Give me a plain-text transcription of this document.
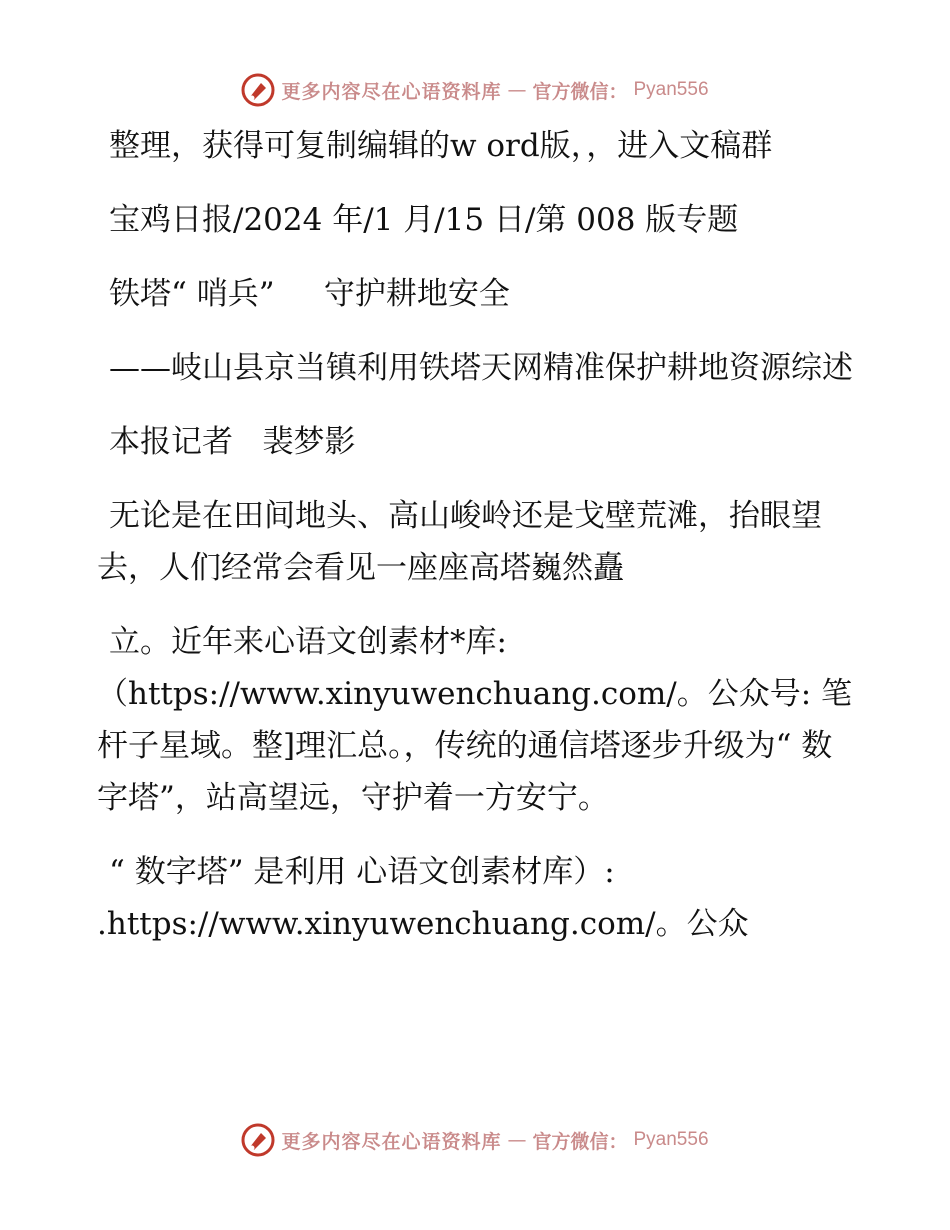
更多内容尽在心语资料库 — 官方微信： Pyan556

整理，获得可复制编辑的w ord版，，进入文稿群

宝鸡日报/2024 年/1 月/15 日/第 008 版专题

铁塔“ 哨兵”     守护耕地安全

——岐山县京当镇利用铁塔天网精准保护耕地资源综述

本报记者   裴梦影

无论是在田间地头、高山峻岭还是戈壁荒滩，抬眼望去，人们经常会看见一座座高塔巍然矗

立。近年来心语文创素材*库: （https://www.xinyuwenchuang.com/。公众号: 笔杆子星域。整]理汇总。，传统的通信塔逐步升级为“ 数字塔”，站高望远，守护着一方安宁。

“ 数字塔” 是利用 心语文创素材库）: .https://www.xinyuwenchuang.com/。公众

更多内容尽在心语资料库 — 官方微信： Pyan556
